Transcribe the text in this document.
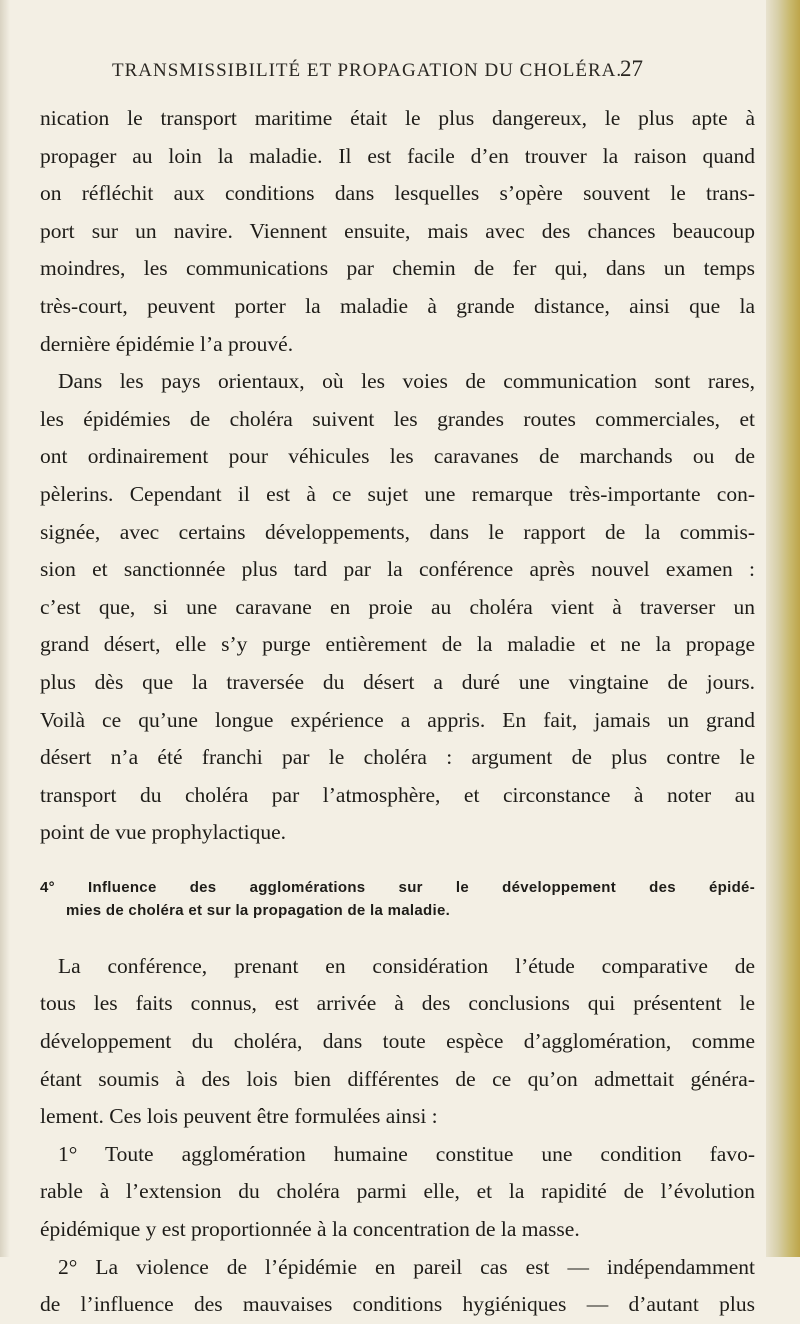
TRANSMISSIBILITÉ ET PROPAGATION DU CHOLÉRA.
27

nication le transport maritime était le plus dangereux, le plus apte à
propager au loin la maladie. Il est facile d’en trouver la raison quand
on réfléchit aux conditions dans lesquelles s’opère souvent le trans-
port sur un navire. Viennent ensuite, mais avec des chances beaucoup
moindres, les communications par chemin de fer qui, dans un temps
très-court, peuvent porter la maladie à grande distance, ainsi que la
dernière épidémie l’a prouvé.

Dans les pays orientaux, où les voies de communication sont rares,
les épidémies de choléra suivent les grandes routes commerciales, et
ont ordinairement pour véhicules les caravanes de marchands ou de
pèlerins. Cependant il est à ce sujet une remarque très-importante con-
signée, avec certains développements, dans le rapport de la commis-
sion et sanctionnée plus tard par la conférence après nouvel examen :
c’est que, si une caravane en proie au choléra vient à traverser un
grand désert, elle s’y purge entièrement de la maladie et ne la propage
plus dès que la traversée du désert a duré une vingtaine de jours.
Voilà ce qu’une longue expérience a appris. En fait, jamais un grand
désert n’a été franchi par le choléra : argument de plus contre le
transport du choléra par l’atmosphère, et circonstance à noter au
point de vue prophylactique.

4° Influence des agglomérations sur le développement des épidé-
mies de choléra et sur la propagation de la maladie.

La conférence, prenant en considération l’étude comparative de
tous les faits connus, est arrivée à des conclusions qui présentent le
développement du choléra, dans toute espèce d’agglomération, comme
étant soumis à des lois bien différentes de ce qu’on admettait généra-
lement. Ces lois peuvent être formulées ainsi :

1° Toute agglomération humaine constitue une condition favo-
rable à l’extension du choléra parmi elle, et la rapidité de l’évolution
épidémique y est proportionnée à la concentration de la masse.

2° La violence de l’épidémie en pareil cas est — indépendamment
de l’influence des mauvaises conditions hygiéniques — d’autant plus
